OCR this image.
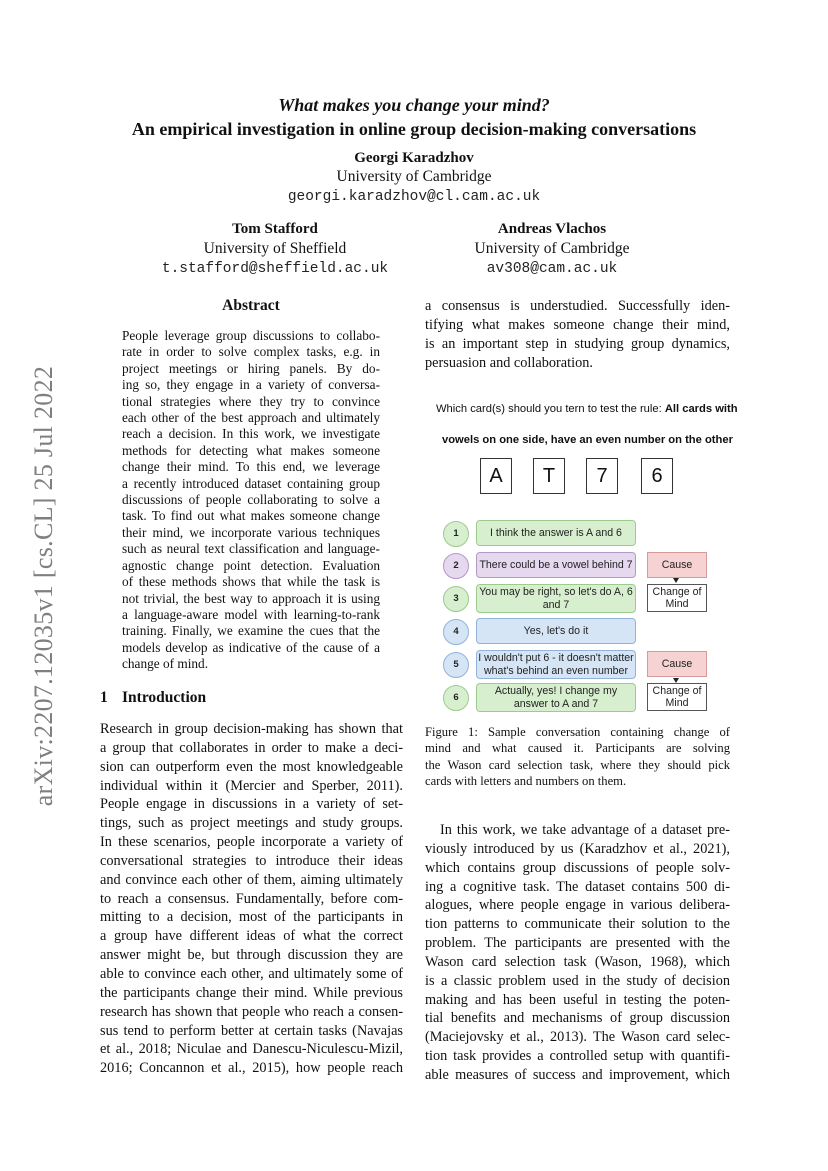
arXiv:2207.12035v1 [cs.CL] 25 Jul 2022
What makes you change your mind?
An empirical investigation in online group decision-making conversations
Georgi Karadzhov
University of Cambridge
georgi.karadzhov@cl.cam.ac.uk
Tom Stafford
University of Sheffield
t.stafford@sheffield.ac.uk
Andreas Vlachos
University of Cambridge
av308@cam.ac.uk
Abstract
People leverage group discussions to collabo-
rate in order to solve complex tasks, e.g. in
project meetings or hiring panels. By do-
ing so, they engage in a variety of conversa-
tional strategies where they try to convince
each other of the best approach and ultimately
reach a decision. In this work, we investigate
methods for detecting what makes someone
change their mind. To this end, we leverage
a recently introduced dataset containing group
discussions of people collaborating to solve a
task. To find out what makes someone change
their mind, we incorporate various techniques
such as neural text classification and language-
agnostic change point detection. Evaluation
of these methods shows that while the task is
not trivial, the best way to approach it is using
a language-aware model with learning-to-rank
training. Finally, we examine the cues that the
models develop as indicative of the cause of a
change of mind.
1 Introduction
Research in group decision-making has shown that
a group that collaborates in order to make a deci-
sion can outperform even the most knowledgeable
individual within it (Mercier and Sperber, 2011).
People engage in discussions in a variety of set-
tings, such as project meetings and study groups.
In these scenarios, people incorporate a variety of
conversational strategies to introduce their ideas
and convince each other of them, aiming ultimately
to reach a consensus. Fundamentally, before com-
mitting to a decision, most of the participants in
a group have different ideas of what the correct
answer might be, but through discussion they are
able to convince each other, and ultimately some of
the participants change their mind. While previous
research has shown that people who reach a consen-
sus tend to perform better at certain tasks (Navajas
et al., 2018; Niculae and Danescu-Niculescu-Mizil,
2016; Concannon et al., 2015), how people reach
a consensus is understudied. Successfully iden-
tifying what makes someone change their mind,
is an important step in studying group dynamics,
persuasion and collaboration.
Which card(s) should you tern to test the rule: All cards with
vowels on one side, have an even number on the other
A	T	7	6
1	I think the answer is A and 6
2	There could be a vowel behind 7	Cause
3
You may be right, so let's do A, 6 and 7
Change of Mind
4	Yes, let's do it
5
I wouldn't put 6 - it doesn't matter what's behind an even number
Cause
6
Actually, yes! I change my answer to A and 7
Change of Mind
Figure 1: Sample conversation containing change of
mind and what caused it. Participants are solving
the Wason card selection task, where they should pick
cards with letters and numbers on them.
In this work, we take advantage of a dataset pre-
viously introduced by us (Karadzhov et al., 2021),
which contains group discussions of people solv-
ing a cognitive task. The dataset contains 500 di-
alogues, where people engage in various delibera-
tion patterns to communicate their solution to the
problem. The participants are presented with the
Wason card selection task (Wason, 1968), which
is a classic problem used in the study of decision
making and has been useful in testing the poten-
tial benefits and mechanisms of group discussion
(Maciejovsky et al., 2013). The Wason card selec-
tion task provides a controlled setup with quantifi-
able measures of success and improvement, which
